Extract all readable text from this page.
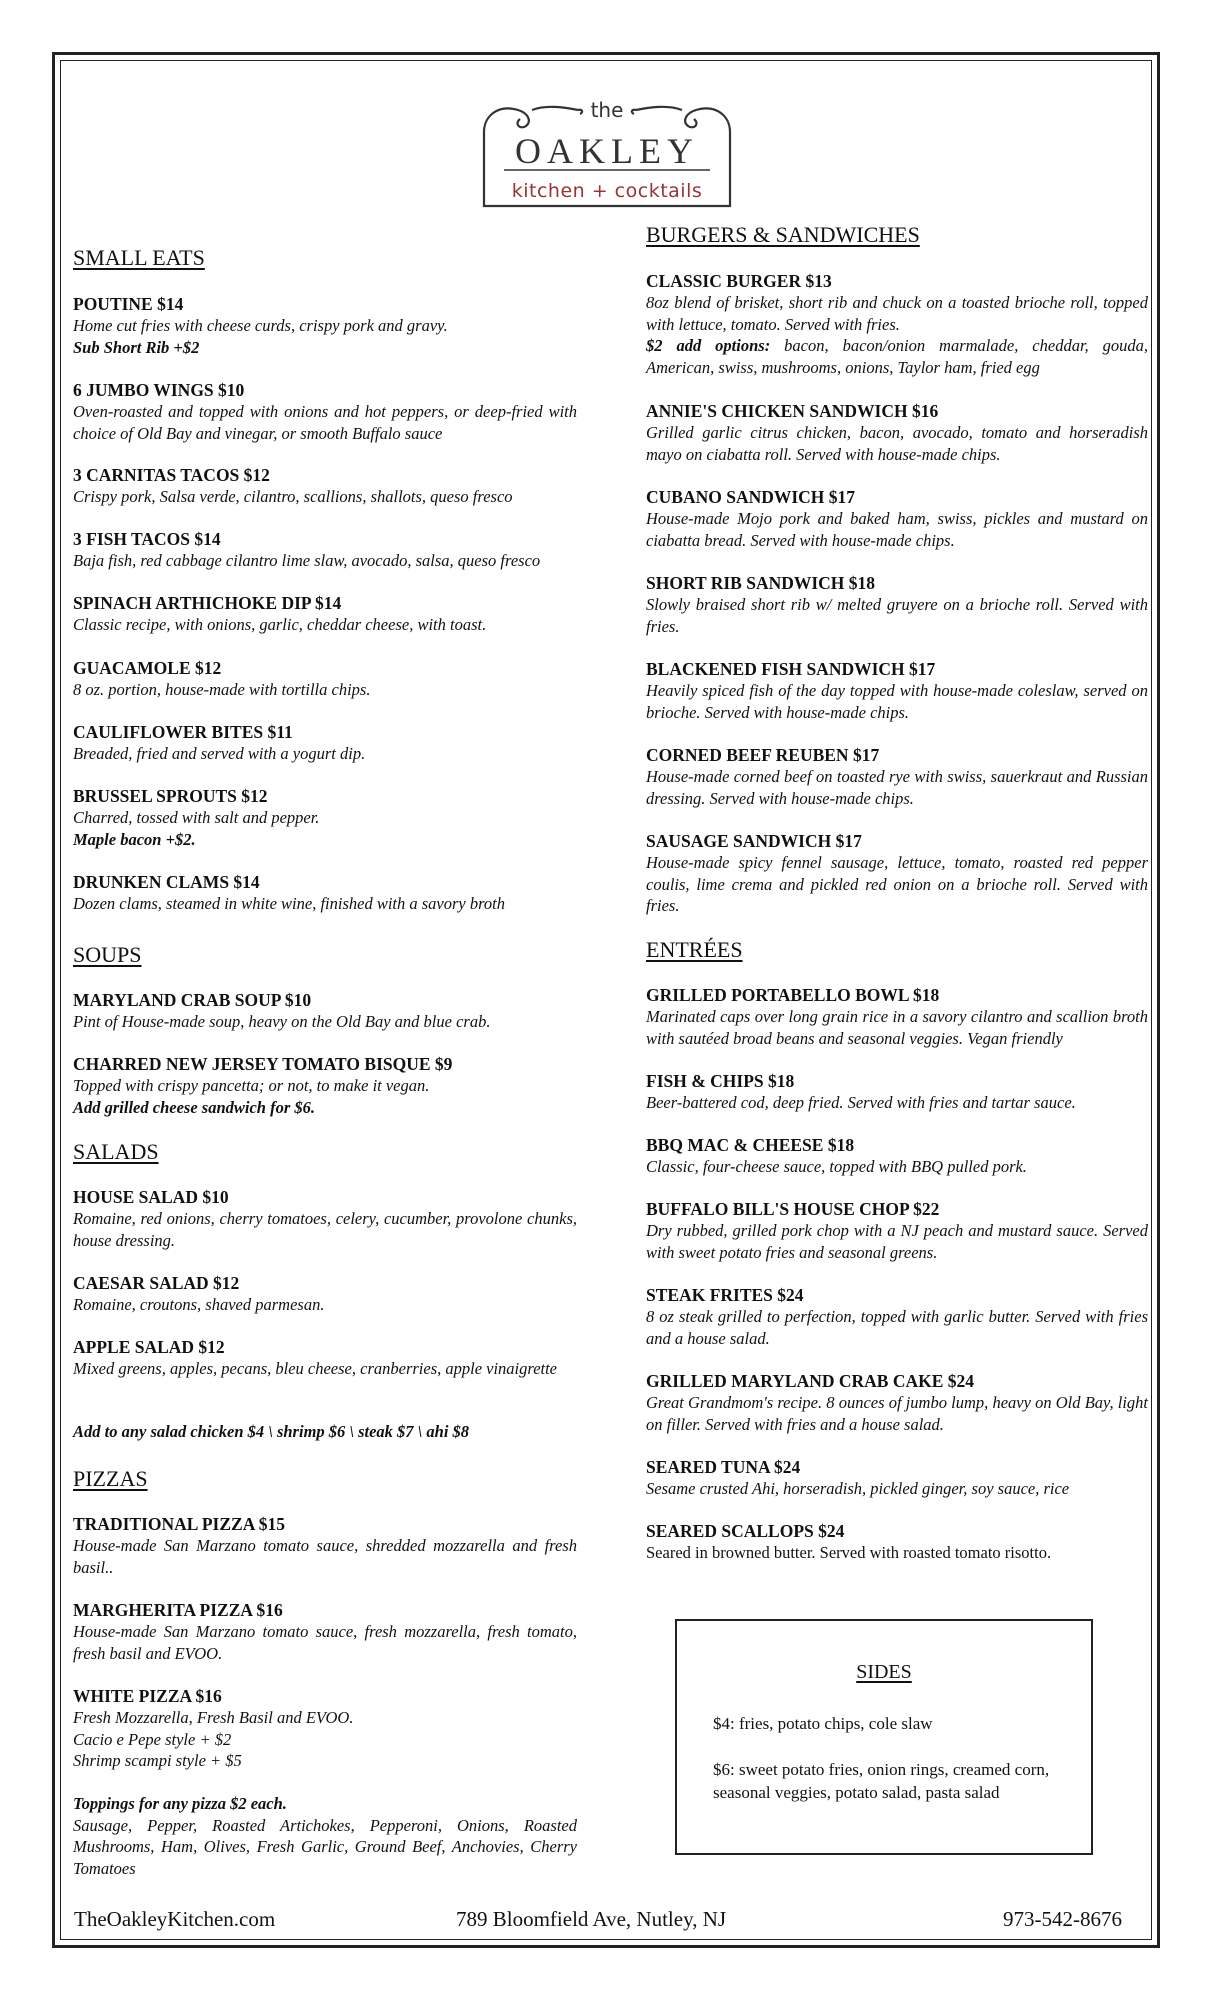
the
OAKLEY
kitchen + cocktails
SMALL EATS
POUTINE $14
Home cut fries with cheese curds, crispy pork and gravy.
Sub Short Rib +$2
6 JUMBO WINGS $10
Oven-roasted and topped with onions and hot peppers, or deep-fried with choice of Old Bay and vinegar, or smooth Buffalo sauce
3 CARNITAS TACOS $12
Crispy pork, Salsa verde, cilantro, scallions, shallots, queso fresco
3 FISH TACOS $14
Baja fish, red cabbage cilantro lime slaw, avocado, salsa, queso fresco
SPINACH ARTHICHOKE DIP $14
Classic recipe, with onions, garlic, cheddar cheese, with toast.
GUACAMOLE $12
8 oz. portion, house-made with tortilla chips.
CAULIFLOWER BITES $11
Breaded, fried and served with a yogurt dip.
BRUSSEL SPROUTS $12
Charred, tossed with salt and pepper.
Maple bacon +$2.
DRUNKEN CLAMS $14
Dozen clams, steamed in white wine, finished with a savory broth
SOUPS
MARYLAND CRAB SOUP $10
Pint of House-made soup, heavy on the Old Bay and blue crab.
CHARRED NEW JERSEY TOMATO BISQUE $9
Topped with crispy pancetta; or not, to make it vegan.
Add grilled cheese sandwich for $6.
SALADS
HOUSE SALAD $10
Romaine, red onions, cherry tomatoes, celery, cucumber, provolone chunks, house dressing.
CAESAR SALAD $12
Romaine, croutons, shaved parmesan.
APPLE SALAD $12
Mixed greens, apples, pecans, bleu cheese, cranberries, apple vinaigrette
Add to any salad chicken $4 \ shrimp $6 \ steak $7 \ ahi $8
PIZZAS
TRADITIONAL PIZZA $15
House-made San Marzano tomato sauce, shredded mozzarella and fresh basil..
MARGHERITA PIZZA $16
House-made San Marzano tomato sauce, fresh mozzarella, fresh tomato, fresh basil and EVOO.
WHITE PIZZA $16
Fresh Mozzarella, Fresh Basil and EVOO.
Cacio e Pepe style + $2
Shrimp scampi style + $5
Toppings for any pizza $2 each.
Sausage, Pepper, Roasted Artichokes, Pepperoni, Onions, Roasted Mushrooms, Ham, Olives, Fresh Garlic, Ground Beef, Anchovies, Cherry Tomatoes
BURGERS & SANDWICHES
CLASSIC BURGER $13
8oz blend of brisket, short rib and chuck on a toasted brioche roll, topped with lettuce, tomato. Served with fries.
$2 add options: bacon, bacon/onion marmalade, cheddar, gouda, American, swiss, mushrooms, onions, Taylor ham, fried egg
ANNIE'S CHICKEN SANDWICH $16
Grilled garlic citrus chicken, bacon, avocado, tomato and horseradish mayo on ciabatta roll. Served with house-made chips.
CUBANO SANDWICH $17
House-made Mojo pork and baked ham, swiss, pickles and mustard on ciabatta bread. Served with house-made chips.
SHORT RIB SANDWICH $18
Slowly braised short rib w/ melted gruyere on a brioche roll. Served with fries.
BLACKENED FISH SANDWICH $17
Heavily spiced fish of the day topped with house-made coleslaw, served on brioche. Served with house-made chips.
CORNED BEEF REUBEN $17
House-made corned beef on toasted rye with swiss, sauerkraut and Russian dressing. Served with house-made chips.
SAUSAGE SANDWICH $17
House-made spicy fennel sausage, lettuce, tomato, roasted red pepper coulis, lime crema and pickled red onion on a brioche roll. Served with fries.
ENTRÉES
GRILLED PORTABELLO BOWL $18
Marinated caps over long grain rice in a savory cilantro and scallion broth with sautéed broad beans and seasonal veggies. Vegan friendly
FISH & CHIPS $18
Beer-battered cod, deep fried. Served with fries and tartar sauce.
BBQ MAC & CHEESE $18
Classic, four-cheese sauce, topped with BBQ pulled pork.
BUFFALO BILL'S HOUSE CHOP $22
Dry rubbed, grilled pork chop with a NJ peach and mustard sauce. Served with sweet potato fries and seasonal greens.
STEAK FRITES $24
8 oz steak grilled to perfection, topped with garlic butter. Served with fries and a house salad.
GRILLED MARYLAND CRAB CAKE $24
Great Grandmom's recipe. 8 ounces of jumbo lump, heavy on Old Bay, light on filler. Served with fries and a house salad.
SEARED TUNA $24
Sesame crusted Ahi, horseradish, pickled ginger, soy sauce, rice
SEARED SCALLOPS $24
Seared in browned butter. Served with roasted tomato risotto.
SIDES
$4: fries, potato chips, cole slaw
$6: sweet potato fries, onion rings, creamed corn, seasonal veggies, potato salad, pasta salad
TheOakleyKitchen.com	789 Bloomfield Ave, Nutley, NJ	973-542-8676
